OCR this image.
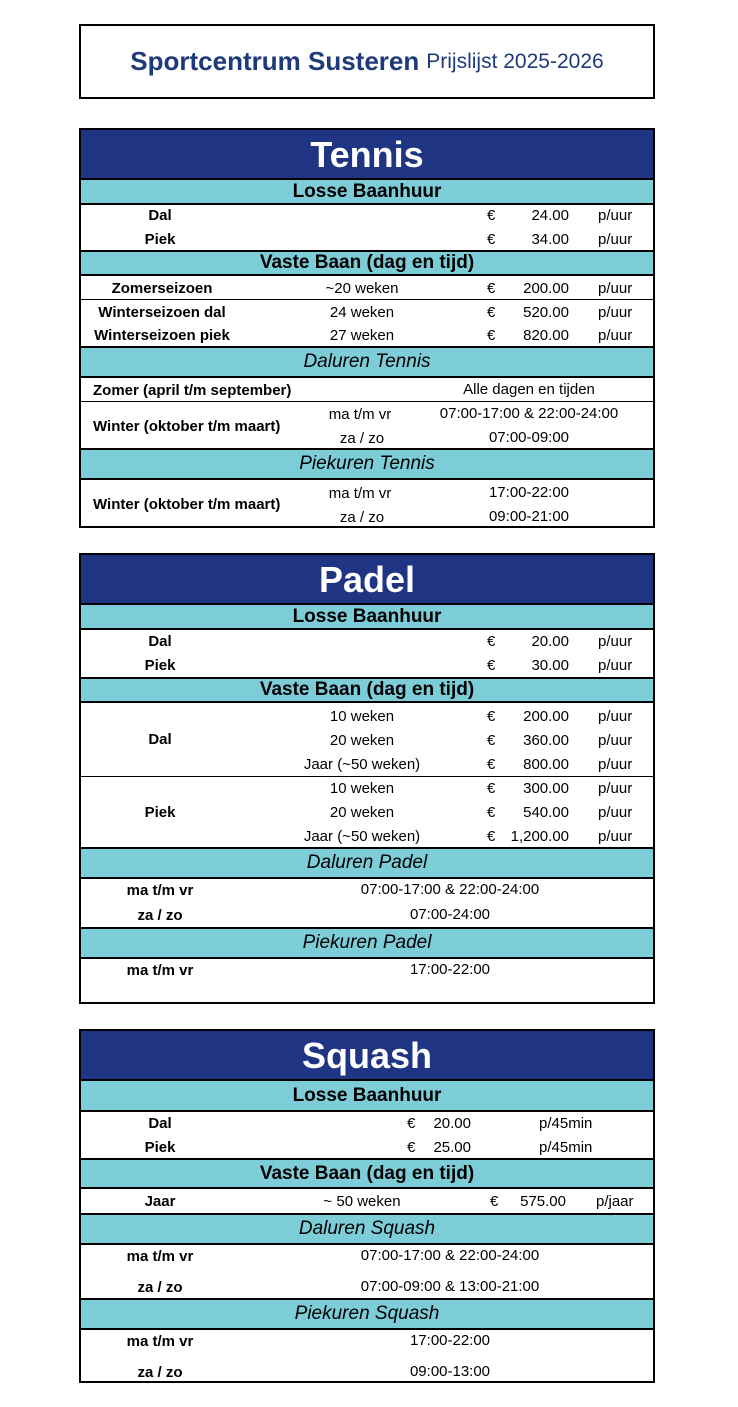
Sportcentrum Susteren Prijslijst 2025-2026
Tennis
Losse Baanhuur
Dal	€ 24.00 p/uur
Piek	€ 34.00 p/uur
Vaste Baan (dag en tijd)
Zomerseizoen	~20 weken	€ 200.00 p/uur
Winterseizoen dal	24 weken	€ 520.00 p/uur
Winterseizoen piek	27 weken	€ 820.00 p/uur
Daluren Tennis
Zomer (april t/m september)	Alle dagen en tijden
Winter (oktober t/m maart)
ma t/m vr	07:00-17:00 & 22:00-24:00
za / zo	07:00-09:00
Piekuren Tennis
Winter (oktober t/m maart)
ma t/m vr	17:00-22:00
za / zo	09:00-21:00
Padel
Losse Baanhuur
Dal	€ 20.00 p/uur
Piek	€ 30.00 p/uur
Vaste Baan (dag en tijd)
Dal
10 weken	€ 200.00 p/uur
20 weken	€ 360.00 p/uur
Jaar (~50 weken)	€ 800.00 p/uur
Piek
10 weken	€ 300.00 p/uur
20 weken	€ 540.00 p/uur
Jaar (~50 weken)	€ 1,200.00 p/uur
Daluren Padel
ma t/m vr	07:00-17:00 & 22:00-24:00
za / zo	07:00-24:00
Piekuren Padel
ma t/m vr	17:00-22:00
Squash
Losse Baanhuur
Dal	€ 20.00	p/45min
Piek	€ 25.00	p/45min
Vaste Baan (dag en tijd)
Jaar	~ 50 weken	€ 575.00 p/jaar
Daluren Squash
ma t/m vr	07:00-17:00 & 22:00-24:00
za / zo	07:00-09:00 & 13:00-21:00
Piekuren Squash
ma t/m vr	17:00-22:00
za / zo	09:00-13:00
